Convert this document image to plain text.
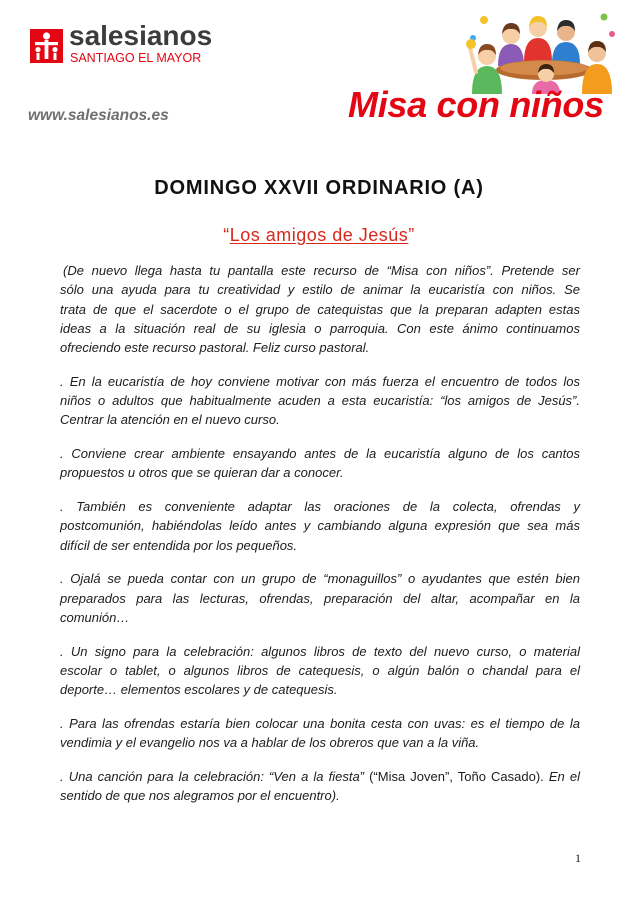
salesianos
SANTIAGO EL MAYOR
www.salesianos.es	Misa con niños
DOMINGO XXVII ORDINARIO (A)
“Los amigos de Jesús”
(De nuevo llega hasta tu pantalla este recurso de “Misa con niños”. Pretende ser
sólo una ayuda para tu creatividad y estilo de animar la eucaristía con niños. Se
trata de que el sacerdote o el grupo de catequistas que la preparan adapten estas
ideas a la situación real de su iglesia o parroquia. Con este ánimo continuamos
ofreciendo este recurso pastoral. Feliz curso pastoral.
. En la eucaristía de hoy conviene motivar con más fuerza el encuentro de todos los
niños o adultos que habitualmente acuden a esta eucaristía: “los amigos de Jesús”.
Centrar la atención en el nuevo curso.
. Conviene crear ambiente ensayando antes de la eucaristía alguno de los cantos
propuestos u otros que se quieran dar a conocer.
. También es conveniente adaptar las oraciones de la colecta, ofrendas y
postcomunión, habiéndolas leído antes y cambiando alguna expresión que sea más
difícil de ser entendida por los pequeños.
. Ojalá se pueda contar con un grupo de “monaguillos” o ayudantes que estén bien
preparados para las lecturas, ofrendas, preparación del altar, acompañar en la
comunión…
. Un signo para la celebración: algunos libros de texto del nuevo curso, o material
escolar o tablet, o algunos libros de catequesis, o algún balón o chandal para el
deporte… elementos escolares y de catequesis.
. Para las ofrendas estaría bien colocar una bonita cesta con uvas: es el tiempo de la
vendimia y el evangelio nos va a hablar de los obreros que van a la viña.
. Una canción para la celebración: “Ven a la fiesta” (“Misa Joven”, Toño Casado). En el
sentido de que nos alegramos por el encuentro).
1
